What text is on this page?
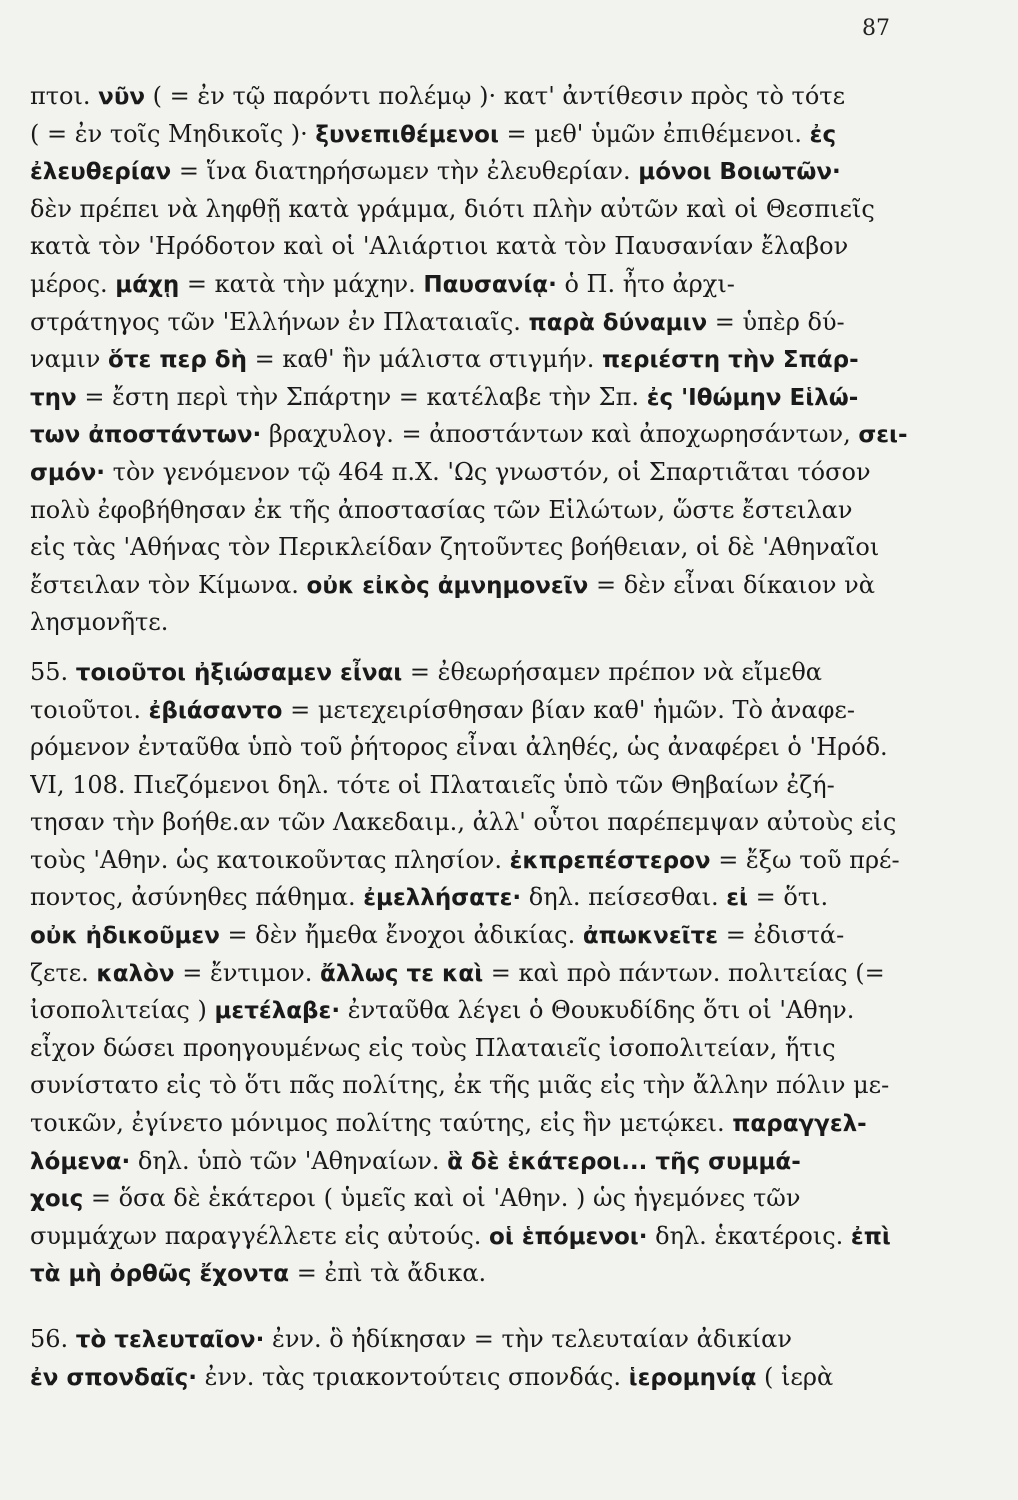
87
πτοι. νῦν ( = ἐν τῷ παρόντι πολέμῳ )· κατ' ἀντίθεσιν πρὸς τὸ τότε
( = ἐν τοῖς Μηδικοῖς )· ξυνεπιθέμενοι = μεθ' ὑμῶν ἐπιθέμενοι. ἐς
ἐλευθερίαν = ἵνα διατηρήσωμεν τὴν ἐλευθερίαν. μόνοι Βοιωτῶν·
δὲν πρέπει νὰ ληφθῇ κατὰ γράμμα, διότι πλὴν αὐτῶν καὶ οἱ Θεσπιεῖς
κατὰ τὸν 'Ηρόδοτον καὶ οἱ 'Αλιάρτιοι κατὰ τὸν Παυσανίαν ἔλαβον
μέρος. μάχῃ = κατὰ τὴν μάχην. Παυσανίᾳ· ὁ Π. ἦτο ἀρχι-
στράτηγος τῶν 'Ελλήνων ἐν Πλαταιαῖς. παρὰ δύναμιν = ὑπὲρ δύ-
ναμιν ὅτε περ δὴ = καθ' ἣν μάλιστα στιγμήν. περιέστη τὴν Σπάρ-
την = ἔστη περὶ τὴν Σπάρτην = κατέλαβε τὴν Σπ. ἐς 'Ιθώμην Εἱλώ-
των ἀποστάντων· βραχυλογ. = ἀποστάντων καὶ ἀποχωρησάντων, σει-
σμόν· τὸν γενόμενον τῷ 464 π.Χ. 'Ως γνωστόν, οἱ Σπαρτιᾶται τόσον
πολὺ ἐφοβήθησαν ἐκ τῆς ἀποστασίας τῶν Εἱλώτων, ὥστε ἔστειλαν
εἰς τὰς 'Αθήνας τὸν Περικλείδαν ζητοῦντες βοήθειαν, οἱ δὲ 'Αθηναῖοι
ἔστειλαν τὸν Κίμωνα. οὐκ εἰκὸς ἀμνημονεῖν = δὲν εἶναι δίκαιον νὰ
λησμονῆτε.
55. τοιοῦτοι ἠξιώσαμεν εἶναι = ἐθεωρήσαμεν πρέπον νὰ εἴμεθα
τοιοῦτοι. ἐβιάσαντο = μετεχειρίσθησαν βίαν καθ' ἡμῶν. Τὸ ἀναφε-
ρόμενον ἐνταῦθα ὑπὸ τοῦ ῥήτορος εἶναι ἀληθές, ὡς ἀναφέρει ὁ 'Ηρόδ.
VI, 108. Πιεζόμενοι δηλ. τότε οἱ Πλαταιεῖς ὑπὸ τῶν Θηβαίων ἐζή-
τησαν τὴν βοήθε.αν τῶν Λακεδαιμ., ἀλλ' οὗτοι παρέπεμψαν αὐτοὺς εἰς
τοὺς 'Αθην. ὡς κατοικοῦντας πλησίον. ἐκπρεπέστερον = ἔξω τοῦ πρέ-
ποντος, ἀσύνηθες πάθημα. ἐμελλήσατε· δηλ. πείσεσθαι. εἰ = ὅτι.
οὐκ ἠδικοῦμεν = δὲν ἤμεθα ἔνοχοι ἀδικίας. ἀπωκνεῖτε = ἐδιστά-
ζετε. καλὸν = ἔντιμον. ἄλλως τε καὶ = καὶ πρὸ πάντων. πολιτείας (=
ἰσοπολιτείας ) μετέλαβε· ἐνταῦθα λέγει ὁ Θουκυδίδης ὅτι οἱ 'Αθην.
εἶχον δώσει προηγουμένως εἰς τοὺς Πλαταιεῖς ἰσοπολιτείαν, ἥτις
συνίστατο εἰς τὸ ὅτι πᾶς πολίτης, ἐκ τῆς μιᾶς εἰς τὴν ἄλλην πόλιν με-
τοικῶν, ἐγίνετο μόνιμος πολίτης ταύτης, εἰς ἣν μετῴκει. παραγγελ-
λόμενα· δηλ. ὑπὸ τῶν 'Αθηναίων. ἃ δὲ ἑκάτεροι... τῆς συμμά-
χοις = ὅσα δὲ ἑκάτεροι ( ὑμεῖς καὶ οἱ 'Αθην. ) ὡς ἡγεμόνες τῶν
συμμάχων παραγγέλλετε εἰς αὐτούς. οἱ ἑπόμενοι· δηλ. ἑκατέροις. ἐπὶ
τὰ μὴ ὀρθῶς ἔχοντα = ἐπὶ τὰ ἄδικα.
56. τὸ τελευταῖον· ἐνν. ὃ ἠδίκησαν = τὴν τελευταίαν ἀδικίαν
ἐν σπονδαῖς· ἐνν. τὰς τριακοντούτεις σπονδάς. ἱερομηνίᾳ ( ἱερὰ
